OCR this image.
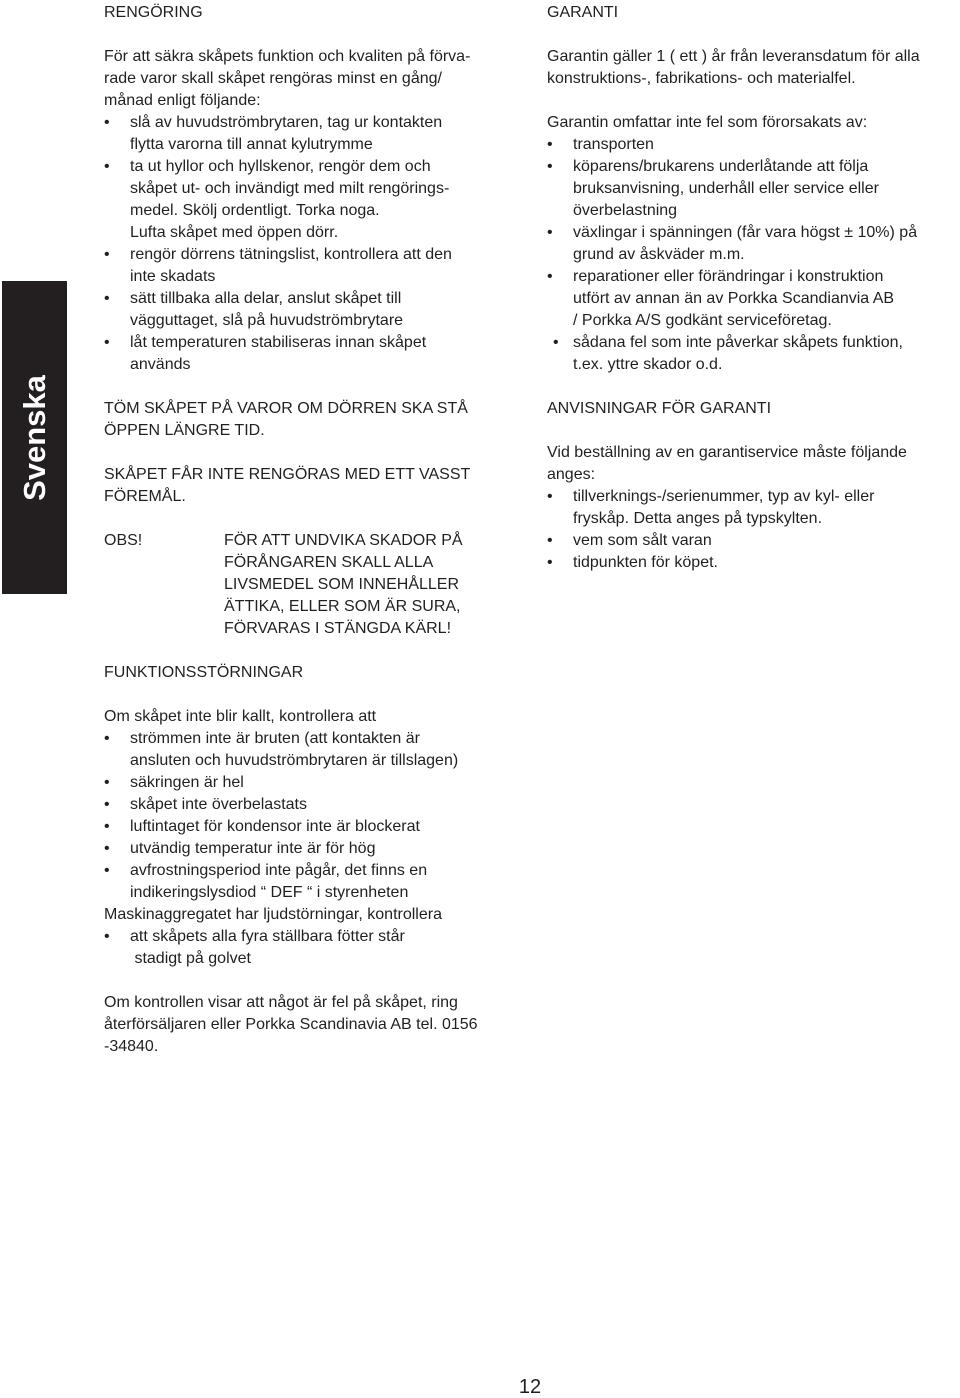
Svenska
RENGÖRING
För att säkra skåpets funktion och kvaliten på förva-
rade varor skall skåpet rengöras minst en gång/
månad enligt följande:
•	slå av huvudströmbrytaren, tag ur kontakten
flytta varorna till annat kylutrymme
•	ta ut hyllor och hyllskenor, rengör dem och
skåpet ut- och invändigt med milt rengörings-
medel. Skölj ordentligt. Torka noga.
Lufta skåpet med öppen dörr.
•	rengör dörrens tätningslist, kontrollera att den
inte skadats
•	sätt tillbaka alla delar, anslut skåpet till
vägguttaget, slå på huvudströmbrytare
•	låt temperaturen stabiliseras innan skåpet
används
TÖM SKÅPET PÅ VAROR OM DÖRREN SKA STÅ
ÖPPEN LÄNGRE TID.
SKÅPET FÅR INTE RENGÖRAS MED ETT VASST
FÖREMÅL.
OBS!	FÖR ATT UNDVIKA SKADOR PÅ
FÖRÅNGAREN SKALL ALLA
LIVSMEDEL SOM INNEHÅLLER
ÄTTIKA, ELLER SOM ÄR SURA,
FÖRVARAS I STÄNGDA KÄRL!
FUNKTIONSSTÖRNINGAR
Om skåpet inte blir kallt, kontrollera att
•	strömmen inte är bruten (att kontakten är
ansluten och huvudströmbrytaren är tillslagen)
•	säkringen är hel
•	skåpet inte överbelastats
•	luftintaget för kondensor inte är blockerat
•	utvändig temperatur inte är för hög
•	avfrostningsperiod inte pågår, det finns en
indikeringslysdiod “ DEF “ i styrenheten
Maskinaggregatet har ljudstörningar, kontrollera
•	att skåpets alla fyra ställbara fötter står
stadigt på golvet
Om kontrollen visar att något är fel på skåpet, ring
återförsäljaren eller Porkka Scandinavia AB tel. 0156
-34840.
GARANTI
Garantin gäller 1 ( ett ) år från leveransdatum för alla
konstruktions-, fabrikations- och materialfel.
Garantin omfattar inte fel som förorsakats av:
•	transporten
•	köparens/brukarens underlåtande att följa
bruksanvisning, underhåll eller service eller
överbelastning
•	växlingar i spänningen (får vara högst ± 10%) på
grund av åskväder m.m.
•	reparationer eller förändringar i konstruktion
utfört av annan än av Porkka Scandianvia AB
/ Porkka A/S godkänt serviceföretag.
• sådana fel som inte påverkar skåpets funktion,
t.ex. yttre skador o.d.
ANVISNINGAR FÖR GARANTI
Vid beställning av en garantiservice måste följande
anges:
•	tillverknings-/serienummer, typ av kyl- eller
fryskåp. Detta anges på typskylten.
•	vem som sålt varan
•	tidpunkten för köpet.
12
